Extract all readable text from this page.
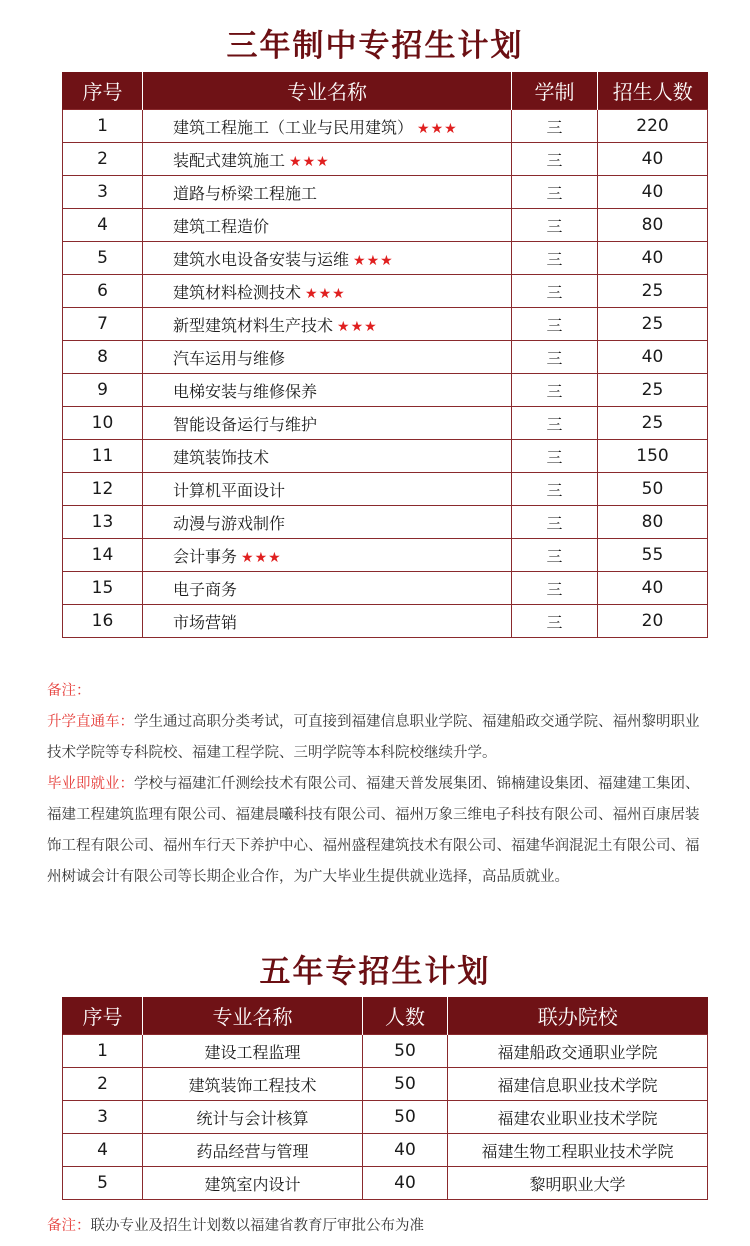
三年制中专招生计划
序号	专业名称	学制	招生人数
1	建筑工程施工（工业与民用建筑） ★★★	三	220
2	装配式建筑施工 ★★★	三	40
3	道路与桥梁工程施工	三	40
4	建筑工程造价	三	80
5	建筑水电设备安装与运维 ★★★	三	40
6	建筑材料检测技术 ★★★	三	25
7	新型建筑材料生产技术 ★★★	三	25
8	汽车运用与维修	三	40
9	电梯安装与维修保养	三	25
10	智能设备运行与维护	三	25
11	建筑装饰技术	三	150
12	计算机平面设计	三	50
13	动漫与游戏制作	三	80
14	会计事务 ★★★	三	55
15	电子商务	三	40
16	市场营销	三	20
备注：
升学直通车：学生通过高职分类考试，可直接到福建信息职业学院、福建船政交通学院、福州黎明职业技术学院等专科院校、福建工程学院、三明学院等本科院校继续升学。
毕业即就业：学校与福建汇仟测绘技术有限公司、福建天普发展集团、锦楠建设集团、福建建工集团、福建工程建筑监理有限公司、福建晨曦科技有限公司、福州万象三维电子科技有限公司、福州百康居装饰工程有限公司、福州车行天下养护中心、福州盛程建筑技术有限公司、福建华润混泥土有限公司、福州树诚会计有限公司等长期企业合作，为广大毕业生提供就业选择，高品质就业。
五年专招生计划
序号	专业名称	人数	联办院校
1	建设工程监理	50	福建船政交通职业学院
2	建筑装饰工程技术	50	福建信息职业技术学院
3	统计与会计核算	50	福建农业职业技术学院
4	药品经营与管理	40	福建生物工程职业技术学院
5	建筑室内设计	40	黎明职业大学
备注：联办专业及招生计划数以福建省教育厅审批公布为准
